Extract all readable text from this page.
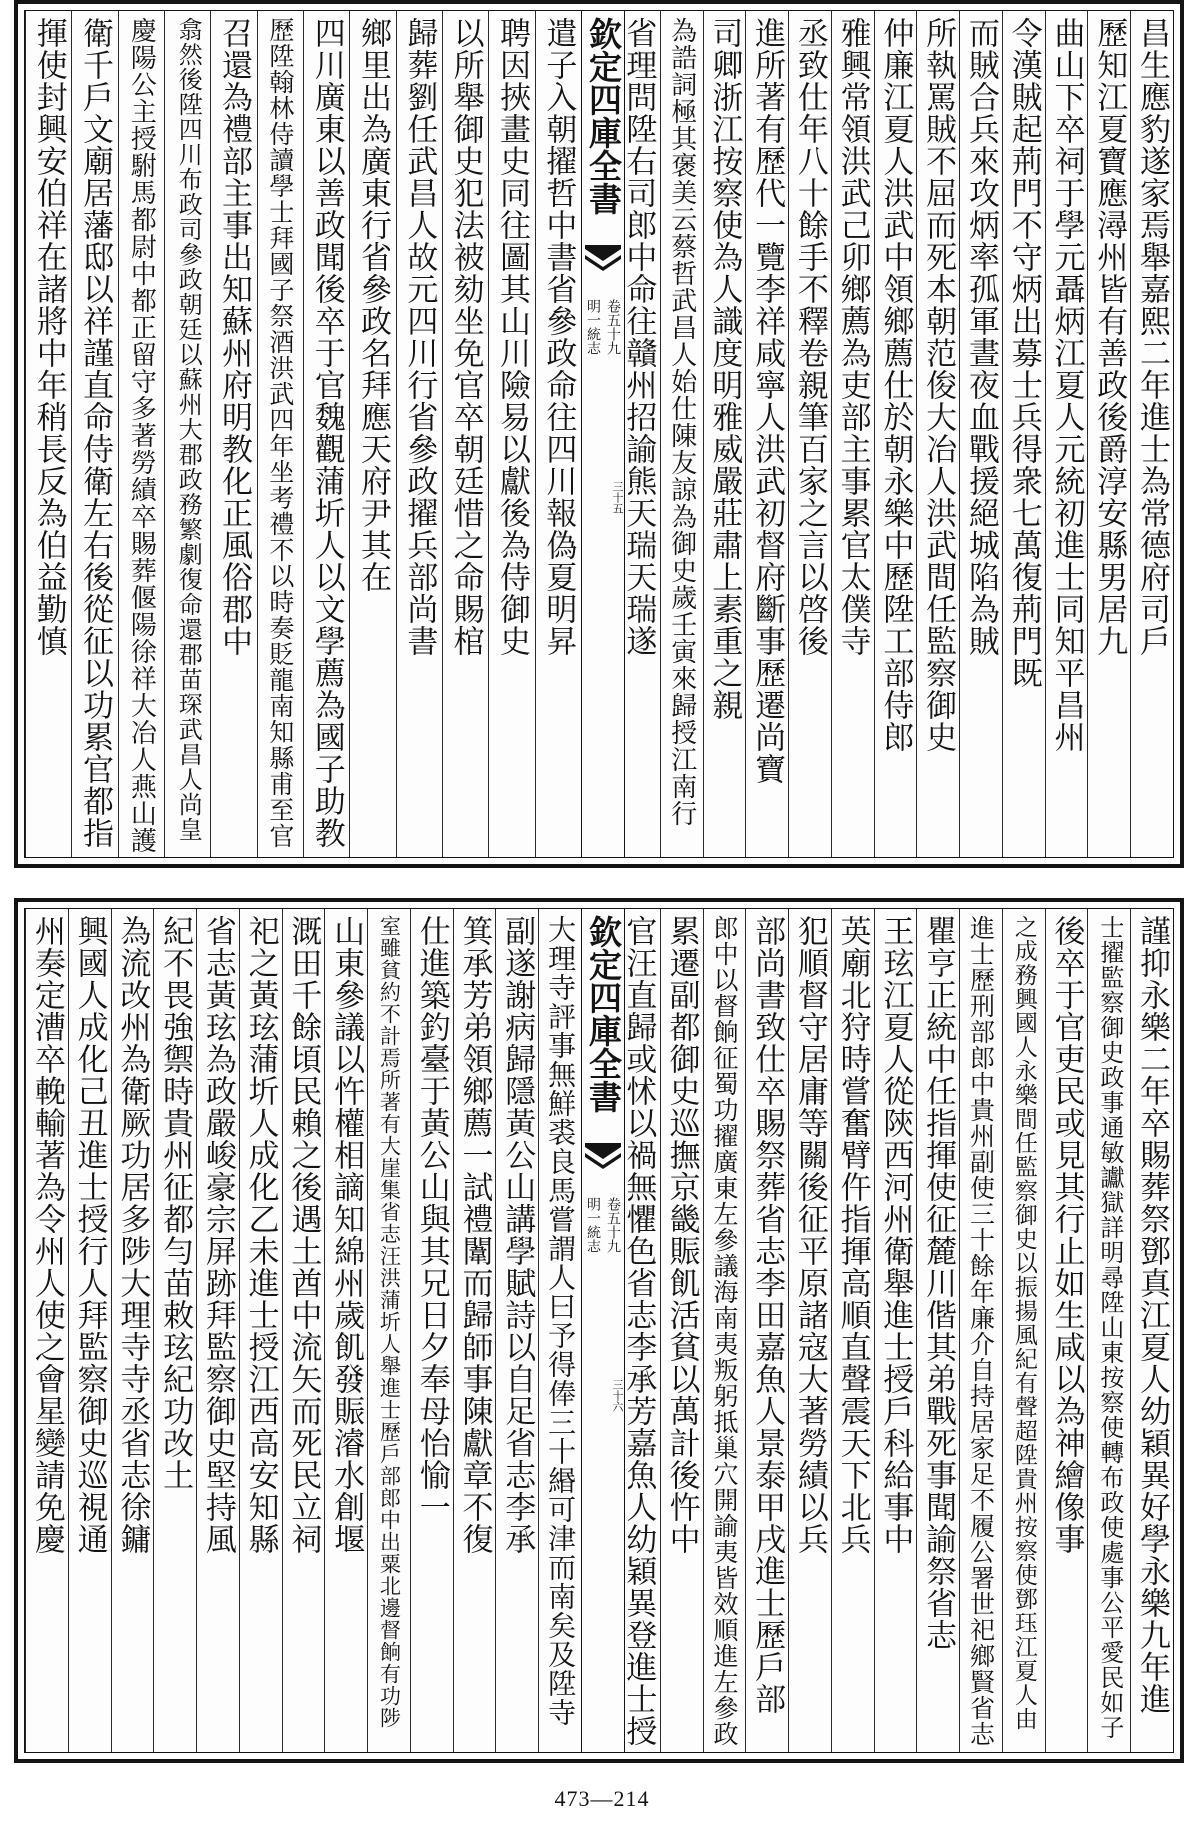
昌生應豹遂家焉舉嘉熙二年進士為常德府司戶
歷知江夏寶應潯州皆有善政後爵淳安縣男居九
曲山下卒祠于學元聶炳江夏人元統初進士同知平昌州
令漢賊起荊門不守炳出募士兵得衆七萬復荊門既
而賊合兵來攻炳率孤軍晝夜血戰援絕城陷為賊
所執罵賊不屈而死本朝范俊大冶人洪武間任監察御史
仲廉江夏人洪武中領鄉薦仕於朝永樂中歷陞工部侍郎
雅興常領洪武己卯鄉薦為吏部主事累官太僕寺
丞致仕年八十餘手不釋卷親筆百家之言以啓後
進所著有歷代一覽李祥咸寧人洪武初督府斷事歷遷尚寶
司卿浙江按察使為人識度明雅威嚴莊肅上素重之親
為誥詞極其褒美云蔡哲武昌人始仕陳友諒為御史歲壬寅來歸授江南行
省理問陞右司郎中命往贛州招諭熊天瑞天瑞遂
欽定四庫全書
明一統志 卷五十九
三十五
遣子入朝擢哲中書省參政命往四川報偽夏明昇
聘因挾畫史同往圖其山川險易以獻後為侍御史
以所舉御史犯法被劾坐免官卒朝廷惜之命賜棺
歸葬劉任武昌人故元四川行省參政擢兵部尚書
鄉里出為廣東行省參政名拜應天府尹其在
四川廣東以善政聞後卒于官魏觀蒲圻人以文學薦為國子助教
歷陞翰林侍讀學士拜國子祭酒洪武四年坐考禮不以時奏貶龍南知縣甫至官
召還為禮部主事出知蘇州府明教化正風俗郡中
翕然後陞四川布政司參政朝廷以蘇州大郡政務繁劇復命還郡苗琛武昌人尚皇
慶陽公主授駙馬都尉中都正留守多著勞績卒賜葬偃陽徐祥大冶人燕山護
衛千戶文廟居藩邸以祥謹直命侍衛左右後從征以功累官都指
揮使封興安伯祥在諸將中年稍長反為伯益勤慎
謹抑永樂二年卒賜葬祭鄧真江夏人幼穎異好學永樂九年進
士擢監察御史政事通敏讞獄詳明尋陞山東按察使轉布政使處事公平愛民如子
後卒于官吏民或見其行止如生咸以為神繪像事
之成務興國人永樂間任監察御史以振揚風紀有聲超陞貴州按察使鄧珏江夏人由
進士歷刑部郎中貴州副使三十餘年廉介自持居家足不履公署世祀鄉賢省志
瞿亨正統中任指揮使征麓川偕其弟戰死事聞諭祭省志
王玹江夏人從陝西河州衛舉進士授戶科給事中
英廟北狩時嘗奮臂仵指揮高順直聲震天下北兵
犯順督守居庸等關後征平原諸寇大著勞績以兵
部尚書致仕卒賜祭葬省志李田嘉魚人景泰甲戌進士歷戶部
郎中以督餉征蜀功擢廣東左參議海南夷叛躬抵巢穴開諭夷皆效順進左參政
累遷副都御史巡撫京畿賑飢活貧以萬計後忤中
官汪直歸或怵以禍無懼色省志李承芳嘉魚人幼穎異登進士授
欽定四庫全書
明一統志 卷五十九
三十六
大理寺評事無鮮裘良馬嘗謂人曰予得俸三十緡可津而南矣及陞寺
副遂謝病歸隱黃公山講學賦詩以自足省志李承
箕承芳弟領鄉薦一試禮闈而歸師事陳獻章不復
仕進築釣臺于黃公山與其兄日夕奉母怡愉一
室雖貧約不計焉所著有大崖集省志汪洪蒲圻人舉進士歷戶部郎中出粟北邊督餉有功陟
山東參議以忤權相謫知綿州歲飢發賑濬水創堰
溉田千餘頃民賴之後遇土酋中流矢而死民立祠
祀之黃玹蒲圻人成化乙未進士授江西高安知縣
省志黃玹為政嚴峻豪宗屏跡拜監察御史堅持風
紀不畏強禦時貴州征都勻苗敕玹紀功改土
為流改州為衛厥功居多陟大理寺寺丞省志徐鏞
興國人成化己丑進士授行人拜監察御史巡視通
州奏定漕卒輓輸著為令州人使之會星變請免慶
473—214
